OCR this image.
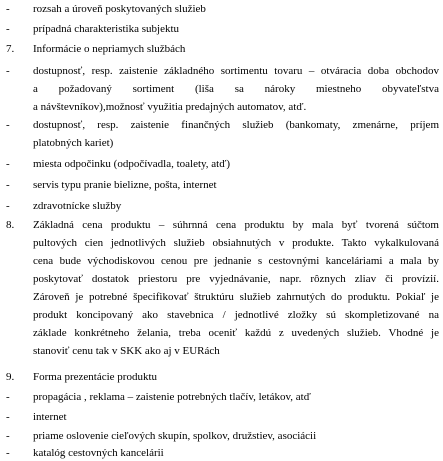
-	rozsah a úroveň poskytovaných služieb
-	prípadná charakteristika subjektu
7.	Informácie o nepriamych službách
-	dostupnosť, resp. zaistenie základného sortimentu tovaru – otváracia doba obchodov
a požadovaný sortiment (liša sa nároky miestneho obyvateľstva
a návštevníkov),možnosť využitia predajných automatov, atď.
-	dostupnosť, resp. zaistenie finančných služieb (bankomaty, zmenárne, príjem
platobných kariet)
-	miesta odpočinku (odpočívadla, toalety, atď)
-	servis typu pranie bielizne, pošta, internet
-	zdravotnícke služby
8.	Základná cena produktu – súhrnná cena produktu by mala byť tvorená súčtom
pultových cien jednotlivých služieb obsiahnutých v produkte. Takto vykalkulovaná
cena bude východiskovou cenou pre jednanie s cestovnými kanceláriami a mala by
poskytovať dostatok priestoru pre vyjednávanie, napr. rôznych zliav či provízií.
Zároveň je potrebné špecifikovať štruktúru služieb zahrnutých do produktu. Pokiaľ je
produkt koncipovaný ako stavebnica / jednotlivé zložky sú skompletizované na
základe konkrétneho želania, treba oceniť každú z uvedených služieb. Vhodné je
stanoviť cenu tak v SKK ako aj v EURách
9.	Forma prezentácie produktu
-	propagácia , reklama – zaistenie potrebných tlačív, letákov, atď
-	internet
-	priame oslovenie cieľových skupín, spolkov, družstiev, asociácii
-	katalóg cestovných kancelárii
